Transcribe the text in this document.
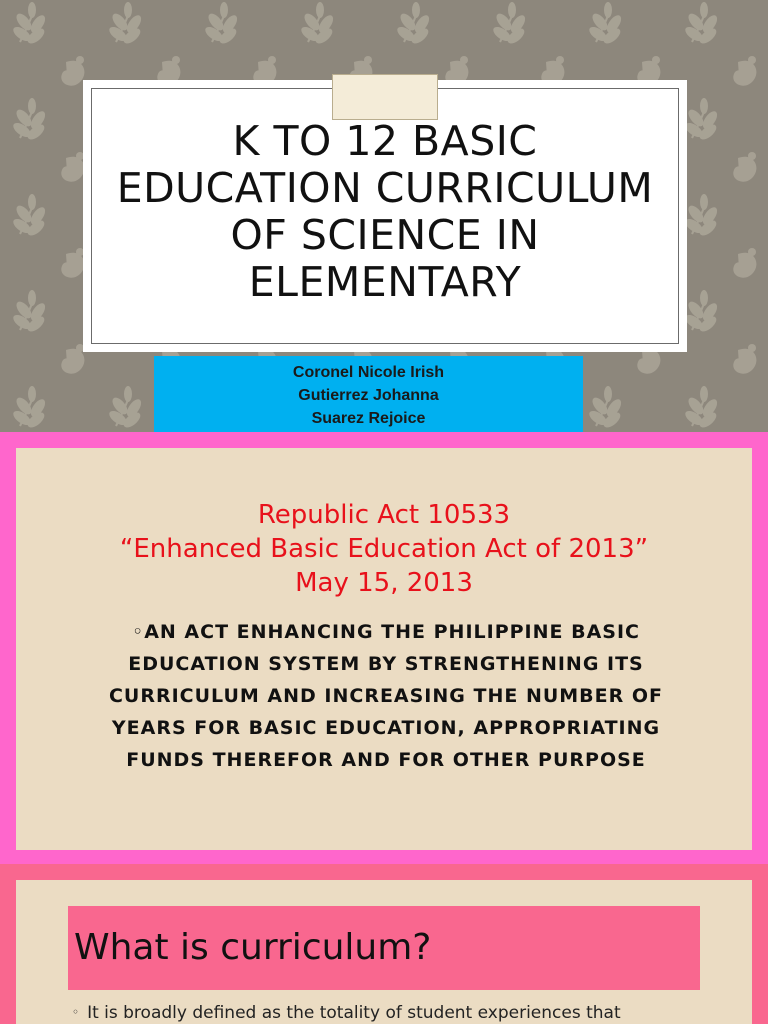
K TO 12 BASIC
EDUCATION CURRICULUM
OF SCIENCE IN
ELEMENTARY
Coronel Nicole Irish
Gutierrez Johanna
Suarez Rejoice
Republic Act 10533
“Enhanced Basic Education Act of 2013”
May 15, 2013

◦AN ACT ENHANCING THE PHILIPPINE BASIC EDUCATION SYSTEM BY STRENGTHENING ITS CURRICULUM AND INCREASING THE NUMBER OF YEARS FOR BASIC EDUCATION, APPROPRIATING FUNDS THEREFOR AND FOR OTHER PURPOSE

What is curriculum?
◦ It is broadly defined as the totality of student experiences that
